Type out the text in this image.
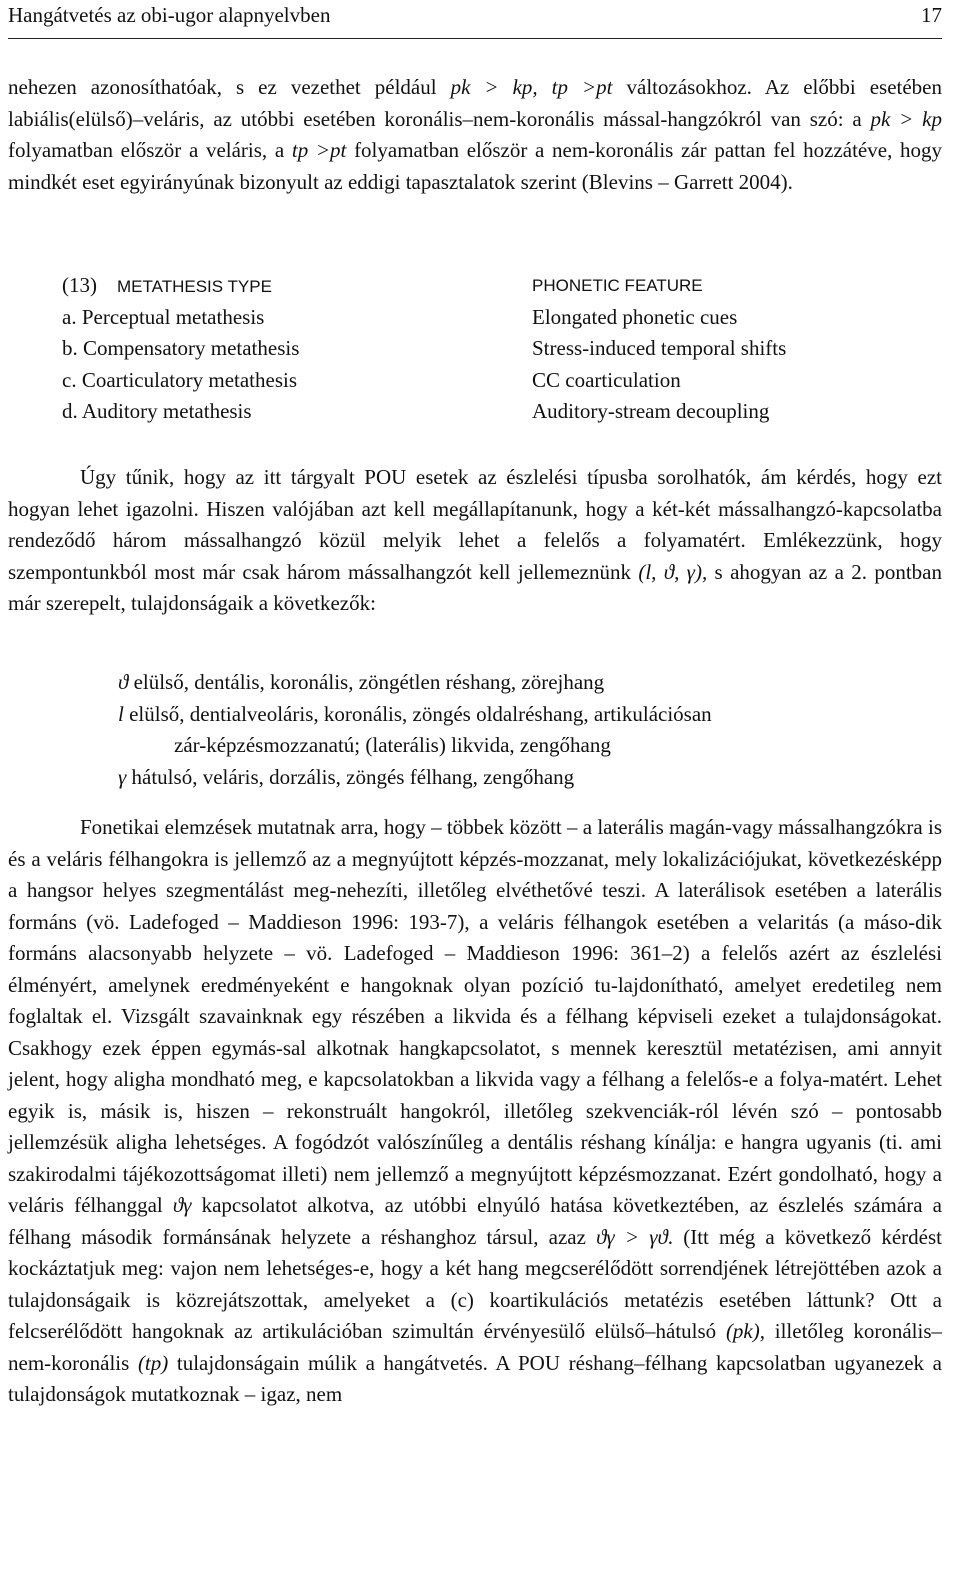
Hangátvetés az obi-ugor alapnyelvben	17

nehezen azonosíthatóak, s ez vezethet például pk > kp, tp >pt változásokhoz. Az előbbi esetében labiális(elülső)–veláris, az utóbbi esetében koronális–nem-koronális mással-hangzókról van szó: a pk > kp folyamatban először a veláris, a tp >pt folyamatban először a nem-koronális zár pattan fel hozzátéve, hogy mindkét eset egyirányúnak bizonyult az eddigi tapasztalatok szerint (Blevins – Garrett 2004).

(13) METATHESIS TYPE	PHONETIC FEATURE
a. Perceptual metathesis	Elongated phonetic cues
b. Compensatory metathesis	Stress-induced temporal shifts
c. Coarticulatory metathesis	CC coarticulation
d. Auditory metathesis	Auditory-stream decoupling

Úgy tűnik, hogy az itt tárgyalt POU esetek az észlelési típusba sorolhatók, ám kérdés, hogy ezt hogyan lehet igazolni. Hiszen valójában azt kell megállapítanunk, hogy a két-két mássalhangzó-kapcsolatba rendeződő három mássalhangzó közül melyik lehet a felelős a folyamatért. Emlékezzünk, hogy szempontunkból most már csak három mássalhangzót kell jellemeznünk (l, ϑ, γ), s ahogyan az a 2. pontban már szerepelt, tulajdonságaik a következők:

ϑ elülső, dentális, koronális, zöngétlen réshang, zörejhang
l elülső, dentialveoláris, koronális, zöngés oldalréshang, artikulációsan
zár-képzésmozzanatú; (laterális) likvida, zengőhang
γ hátulsó, veláris, dorzális, zöngés félhang, zengőhang

Fonetikai elemzések mutatnak arra, hogy – többek között – a laterális magán-vagy mássalhangzókra is és a veláris félhangokra is jellemző az a megnyújtott képzés-mozzanat, mely lokalizációjukat, következésképp a hangsor helyes szegmentálást meg-nehezíti, illetőleg elvéthetővé teszi. A laterálisok esetében a laterális formáns (vö. Ladefoged – Maddieson 1996: 193-7), a veláris félhangok esetében a velaritás (a máso-dik formáns alacsonyabb helyzete – vö. Ladefoged – Maddieson 1996: 361–2) a felelős azért az észlelési élményért, amelynek eredményeként e hangoknak olyan pozíció tu-lajdonítható, amelyet eredetileg nem foglaltak el. Vizsgált szavainknak egy részében a likvida és a félhang képviseli ezeket a tulajdonságokat. Csakhogy ezek éppen egymás-sal alkotnak hangkapcsolatot, s mennek keresztül metatézisen, ami annyit jelent, hogy aligha mondható meg, e kapcsolatokban a likvida vagy a félhang a felelős-e a folya-matért. Lehet egyik is, másik is, hiszen – rekonstruált hangokról, illetőleg szekvenciák-ról lévén szó – pontosabb jellemzésük aligha lehetséges. A fogódzót valószínűleg a dentális réshang kínálja: e hangra ugyanis (ti. ami szakirodalmi tájékozottságomat illeti) nem jellemző a megnyújtott képzésmozzanat. Ezért gondolható, hogy a veláris félhanggal ϑγ kapcsolatot alkotva, az utóbbi elnyúló hatása következtében, az észlelés számára a félhang második formánsának helyzete a réshanghoz társul, azaz ϑγ > γϑ. (Itt még a következő kérdést kockáztatjuk meg: vajon nem lehetséges-e, hogy a két hang megcserélődött sorrendjének létrejöttében azok a tulajdonságaik is közrejátszottak, amelyeket a (c) koartikulációs metatézis esetében láttunk? Ott a felcserélődött hangoknak az artikulációban szimultán érvényesülő elülső–hátulsó (pk), illetőleg koronális–nem-koronális (tp) tulajdonságain múlik a hangátvetés. A POU réshang–félhang kapcsolatban ugyanezek a tulajdonságok mutatkoznak – igaz, nem
